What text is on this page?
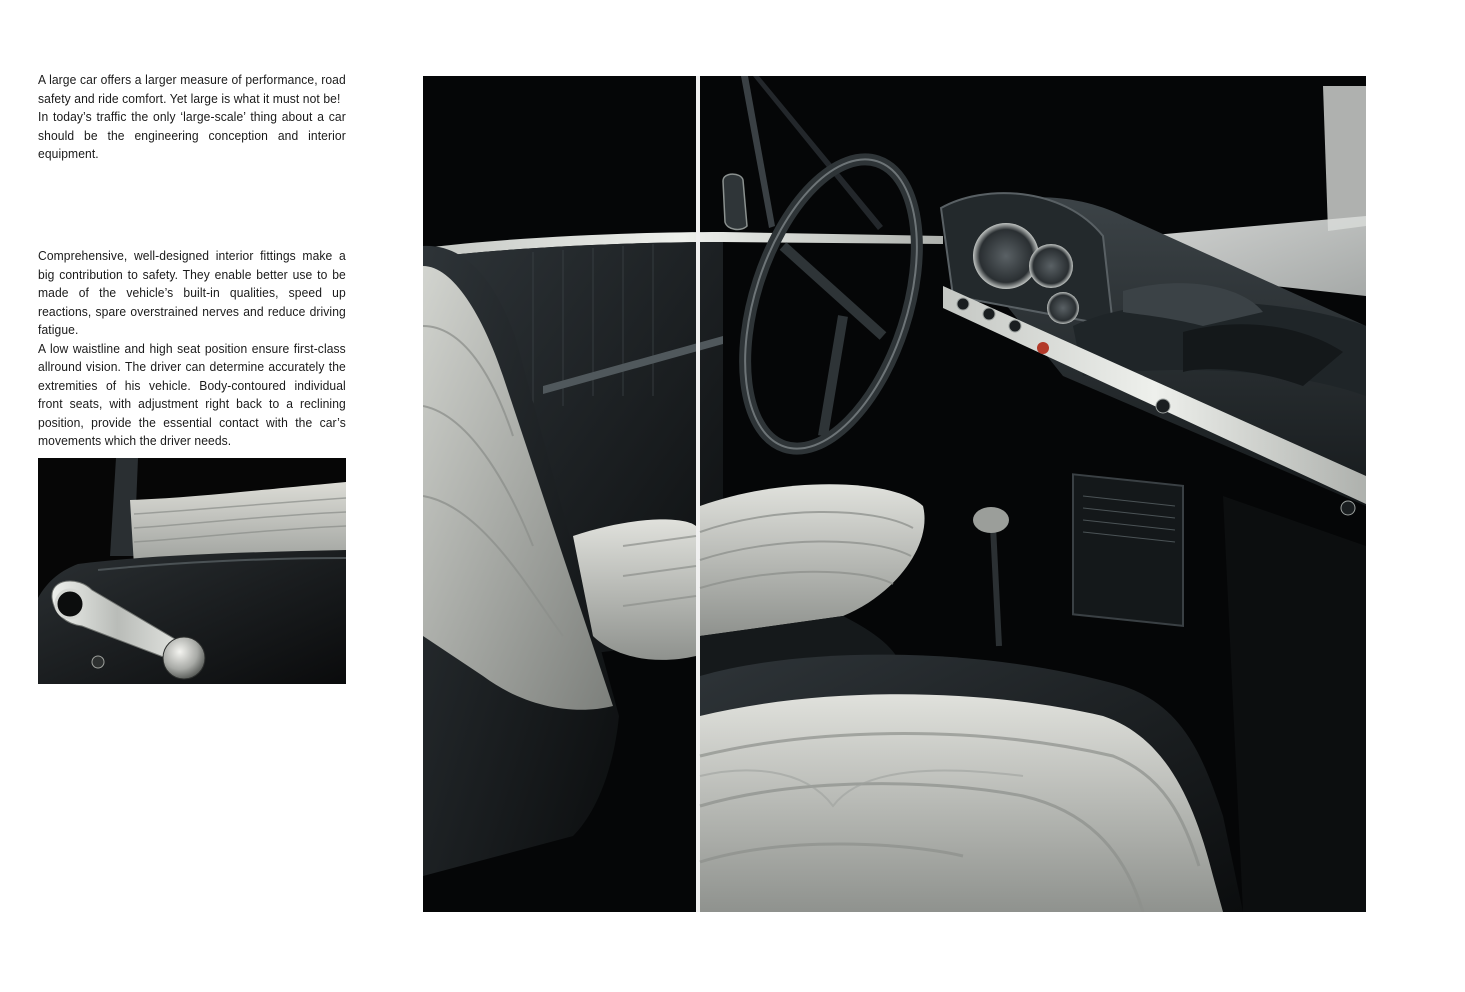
A large car offers a larger measure of performance, road safety and ride comfort. Yet large is what it must not be!

In today’s traffic the only ‘large-scale’ thing about a car should be the engineering conception and interior equipment.

Comprehensive, well-designed interior fittings make a big contribution to safety. They enable better use to be made of the vehicle’s built-in qualities, speed up reactions, spare overstrained nerves and reduce driving fatigue.

A low waistline and high seat position ensure first-class allround vision. The driver can determine accurately the extremities of his vehicle. Body-contoured individual front seats, with adjustment right back to a reclining position, provide the essential contact with the car’s movements which the driver needs.
